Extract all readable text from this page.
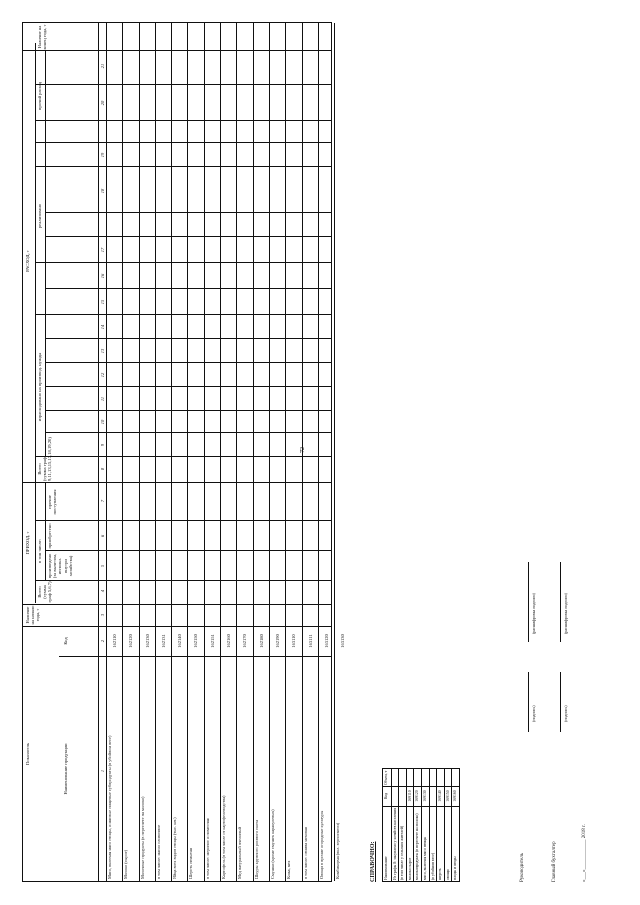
72
Показатель	Наименование продукции
Код
Наличие на начало года, т
ПРИХОД, т
Всего (сумма граф 5,6,7)
в том числе:
произведено (за вычетом, использ. внутри хозяйства)
приобретено
прочие поступления
РАСХОД, т
Всего (сумма граф 9,11,13,15,17,18,19,20)
израсходовано на производ. нужды
реализовано
прочий расход
Наличие на конец года, т
1
2
3
4
5
6
7
8
9
10
11
12
13
14
15
16
17
18
19
20
21
Мясо, включая мясо птицы, и мясные пищевые субпродукты (в убойном весе)
162110
Молоко (сырое)
162120
Молочные продукты (в пересчете на молоко)
162130
в том числе: масло сливочное
162131
Яйца всех видов птицы (тыс. шт.)
162140
Шерсть немытая
162150
в том числе: меринос и помесная
162151
Картофель (в том числе от картофелеводства)
162160
Мед натуральный пчелиный
162170
Шкуры крупного рогатого скота
162180
Смушки (кроме смушек каракулевых)
162190
Кожа, мех
163110
в том числе: овчина меховая
163111
Овощи в прочие огородные культуры
163120
Комбикорма (вкл. зерносмеси)
163130
СПРАВОЧНО: Наименование
Код
Объем, т
Из графы 8: закуплено у хозяйств населения (в том числе у сельских жителей) молоко сырое
169110
молокопродукты (в пересчете на молоко)
169120
мясо, включая мясо птицы
169130
(в убойном весе) шерсть
169140
овощи
169150
плоды и ягоды
169160
Руководитель
(подпись)
(расшифровка подписи)
Главный бухгалтер
(подпись)
(расшифровка подписи)
«___»____________ 2018 г.
